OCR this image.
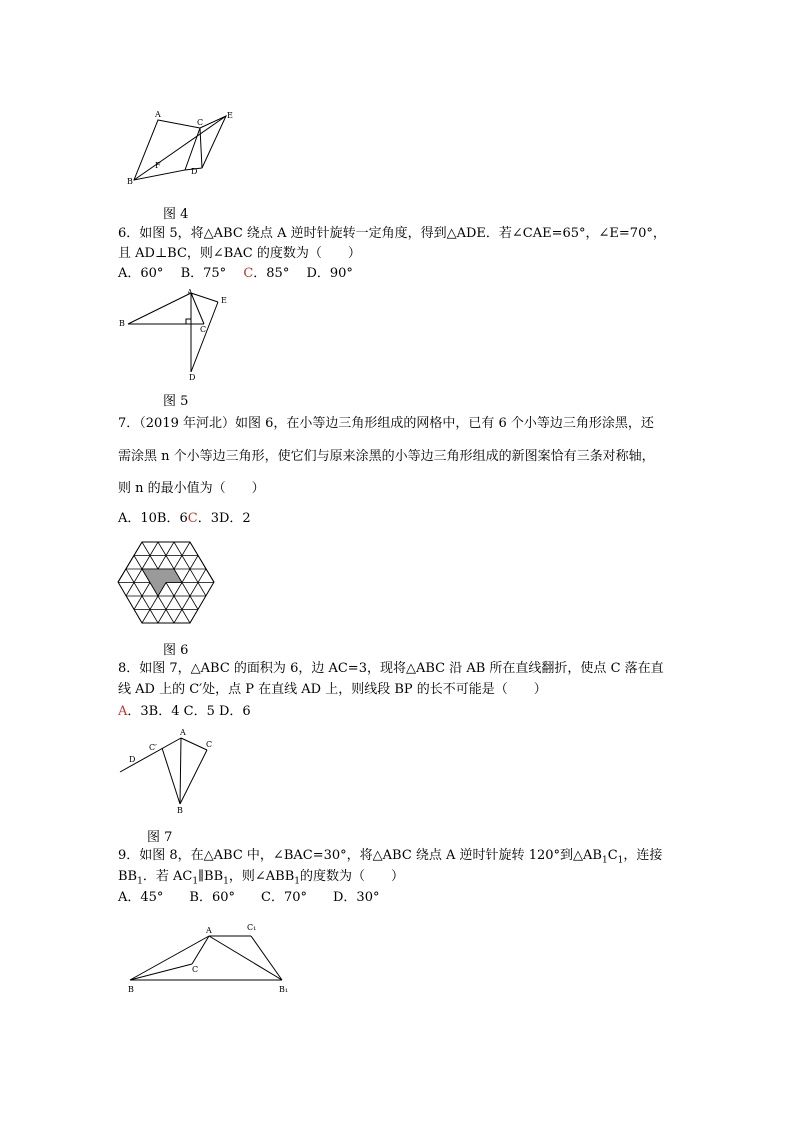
A
C
E
B
F
D
图 4
6．如图 5，将△ABC 绕点 A 逆时针旋转一定角度，得到△ADE．若∠CAE=65°，∠E=70°，
且 AD⊥BC，则∠BAC 的度数为（　　）
A．60°　 B．75°　 C．85°　 D．90°
A
E
B
C
D
图 5
7．（2019 年河北）如图 6，在小等边三角形组成的网格中，已有 6 个小等边三角形涂黑，还
需涂黑 n 个小等边三角形，使它们与原来涂黑的小等边三角形组成的新图案恰有三条对称轴，
则 n 的最小值为（　　）
A．10B．6C．3D．2
图 6
8．如图 7，△ABC 的面积为 6，边 AC=3，现将△ABC 沿 AB 所在直线翻折，使点 C 落在直
线 AD 上的 C′处，点 P 在直线 AD 上，则线段 BP 的长不可能是（　　）
A．3B．4 C．5 D．6
A
C′	C
D
B
图 7
9．如图 8，在△ABC 中，∠BAC=30°，将△ABC 绕点 A 逆时针旋转 120°到$\triangle AB_1C_1$，连接
$BB_1$．若 $AC_1\parallel BB_1$，则$\angle ABB_1$的度数为（　　）
A．45°　　B．60°　　C．70°　　D．30°
A	C₁
C
B	B₁
